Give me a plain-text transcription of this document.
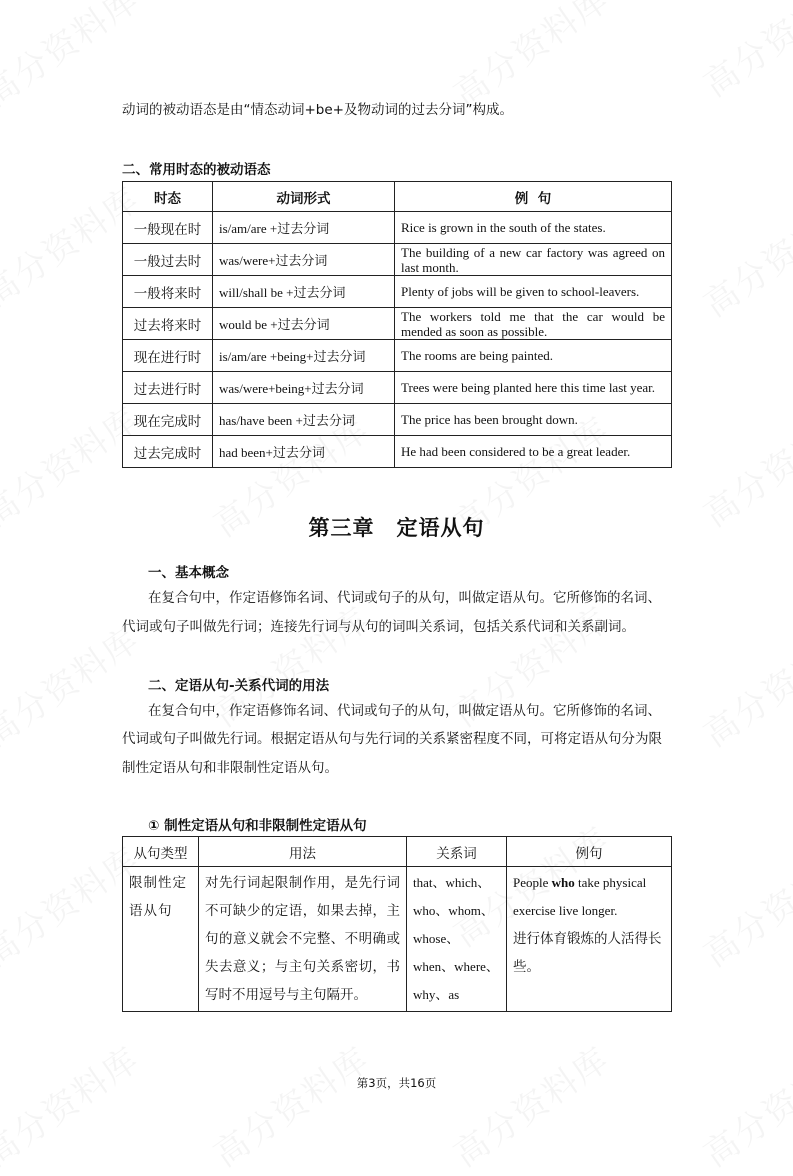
动词的被动语态是由“情态动词+be+及物动词的过去分词”构成。
二、常用时态的被动语态
时态	动词形式	例  句
一般现在时	is/am/are +过去分词	Rice is grown in the south of the states.
一般过去时	was/were+过去分词	The building of a new car factory was agreed on last month.
一般将来时	will/shall be +过去分词	Plenty of jobs will be given to school-leavers.
过去将来时	would be +过去分词	The workers told me that the car would be mended as soon as possible.
现在进行时	is/am/are +being+过去分词	The rooms are being painted.
过去进行时	was/were+being+过去分词	Trees were being planted here this time last year.
现在完成时	has/have been +过去分词	The price has been brought down.
过去完成时	had been+过去分词	He had been considered to be a great leader.
第三章　定语从句
一、基本概念
在复合句中，作定语修饰名词、代词或句子的从句，叫做定语从句。它所修饰的名词、
代词或句子叫做先行词；连接先行词与从句的词叫关系词，包括关系代词和关系副词。
二、定语从句-关系代词的用法
在复合句中，作定语修饰名词、代词或句子的从句，叫做定语从句。它所修饰的名词、
代词或句子叫做先行词。根据定语从句与先行词的关系紧密程度不同，可将定语从句分为限
制性定语从句和非限制性定语从句。
① 制性定语从句和非限制性定语从句
从句类型	用法	关系词	例句
限制性定语从句	对先行词起限制作用，是先行词不可缺少的定语，如果去掉，主句的意义就会不完整、不明确或失去意义；与主句关系密切，书写时不用逗号与主句隔开。	that、which、who、whom、whose、when、where、why、as	People who take physical exercise live longer.
进行体育锻炼的人活得长些。
第3页，共16页
